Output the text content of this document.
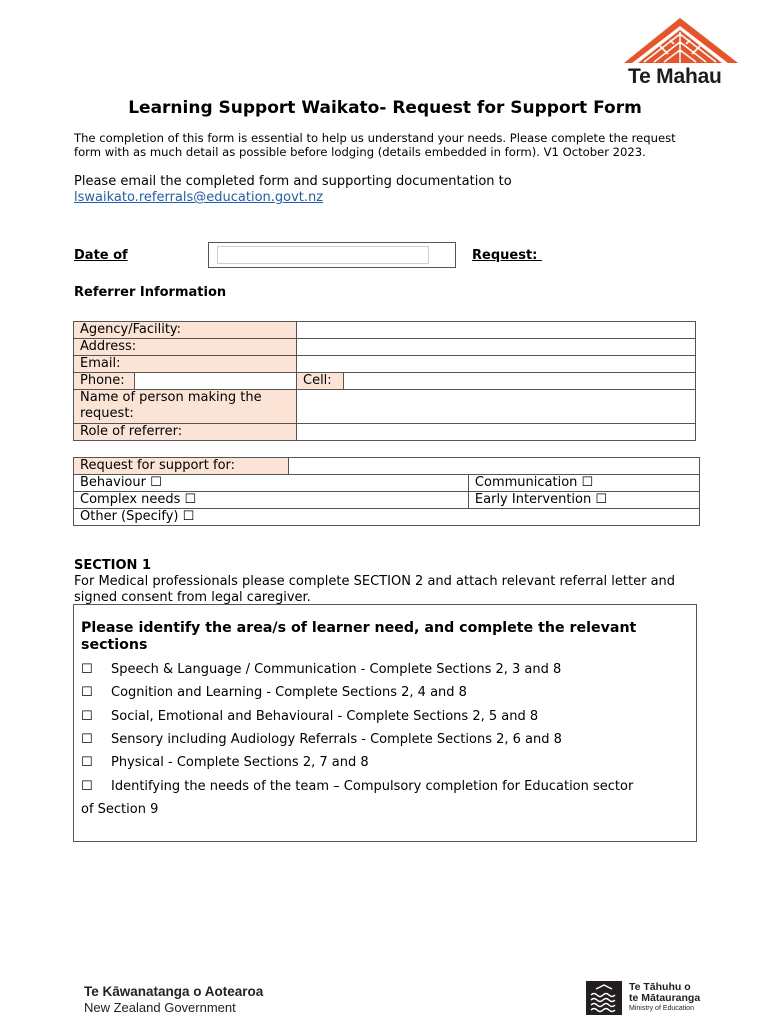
Te Mahau
Learning Support Waikato- Request for Support Form
The completion of this form is essential to help us understand your needs. Please complete the request form with as much detail as possible before lodging (details embedded in form). V1 October 2023.
Please email the completed form and supporting documentation to
lswaikato.referrals@education.govt.nz
Date of	Request:
Referrer Information
Agency/Facility:			
Address:			
Email:			
Phone:		Cell:	
Name of person making the request:			
Role of referrer:			
Request for support for:		
Behaviour ☐		Communication ☐
Complex needs ☐		Early Intervention ☐
Other (Specify) ☐		
SECTION 1
For Medical professionals please complete SECTION 2 and attach relevant referral letter and signed consent from legal caregiver.
Please identify the area/s of learner need, and complete the relevant sections
☐ Speech & Language / Communication - Complete Sections 2, 3 and 8
☐ Cognition and Learning - Complete Sections 2, 4 and 8
☐ Social, Emotional and Behavioural - Complete Sections 2, 5 and 8
☐ Sensory including Audiology Referrals - Complete Sections 2, 6 and 8
☐ Physical - Complete Sections 2, 7 and 8
☐ Identifying the needs of the team – Compulsory completion for Education sector
of Section 9
Te Kāwanatanga o Aotearoa
New Zealand Government
Te Tāhuhu o
te Mātauranga
Ministry of Education
